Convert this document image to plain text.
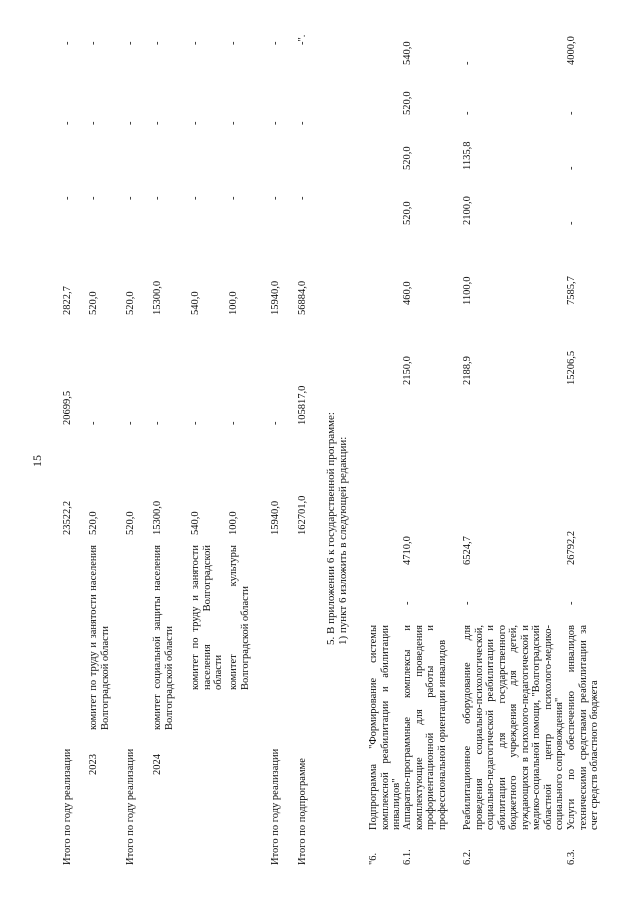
15
Итого по году реализации
23522,2
20699,5
2822,7
-
-
-
2023
комитет по труду и занятости населения Волгоградской области
520,0
-
520,0
-
-
-
Итого по году реализации
520,0
-
520,0
-
-
-
2024
комитет социальной защиты населения Волгоградской области
15300,0
-
15300,0
-
-
-
комитет по труду и занятости населения Волгоградской области
540,0
-
540,0
-
-
-
комитет культуры Волгоградской области
100,0
-
100,0
-
-
-
Итого по году реализации
15940,0
-
15940,0
-
-
-
Итого по подпрограмме
162701,0
105817,0
56884,0
-
-
-".
5. В приложении 6 к государственной программе: 1) пункт 6 изложить в следующей редакции:
"6.
Подпрограмма "Формирование системы комплексной реабилитации и абилитации инвалидов"
6.1.
Аппаратно-программные комплексы и комплектующие для проведения профориентационной работы и профессиональной ориентации инвалидов
-
4710,0
2150,0
460,0
520,0
520,0
520,0
540,0
6.2.
Реабилитационное оборудование для проведения социально-психологической, социально-педагогической реабилитации и абилитации для государственного бюджетного учреждения для детей, нуждающихся в психолого-педагогической и медико-социальной помощи, "Волгоградский областной центр психолого-медико-социального сопровождения"
-
6524,7
2188,9
1100,0
2100,0
1135,8
-
-
6.3.
Услуги по обеспечению инвалидов техническими средствами реабилитации за счет средств областного бюджета
-
26792,2
15206,5
7585,7
-
-
-
4000,0
